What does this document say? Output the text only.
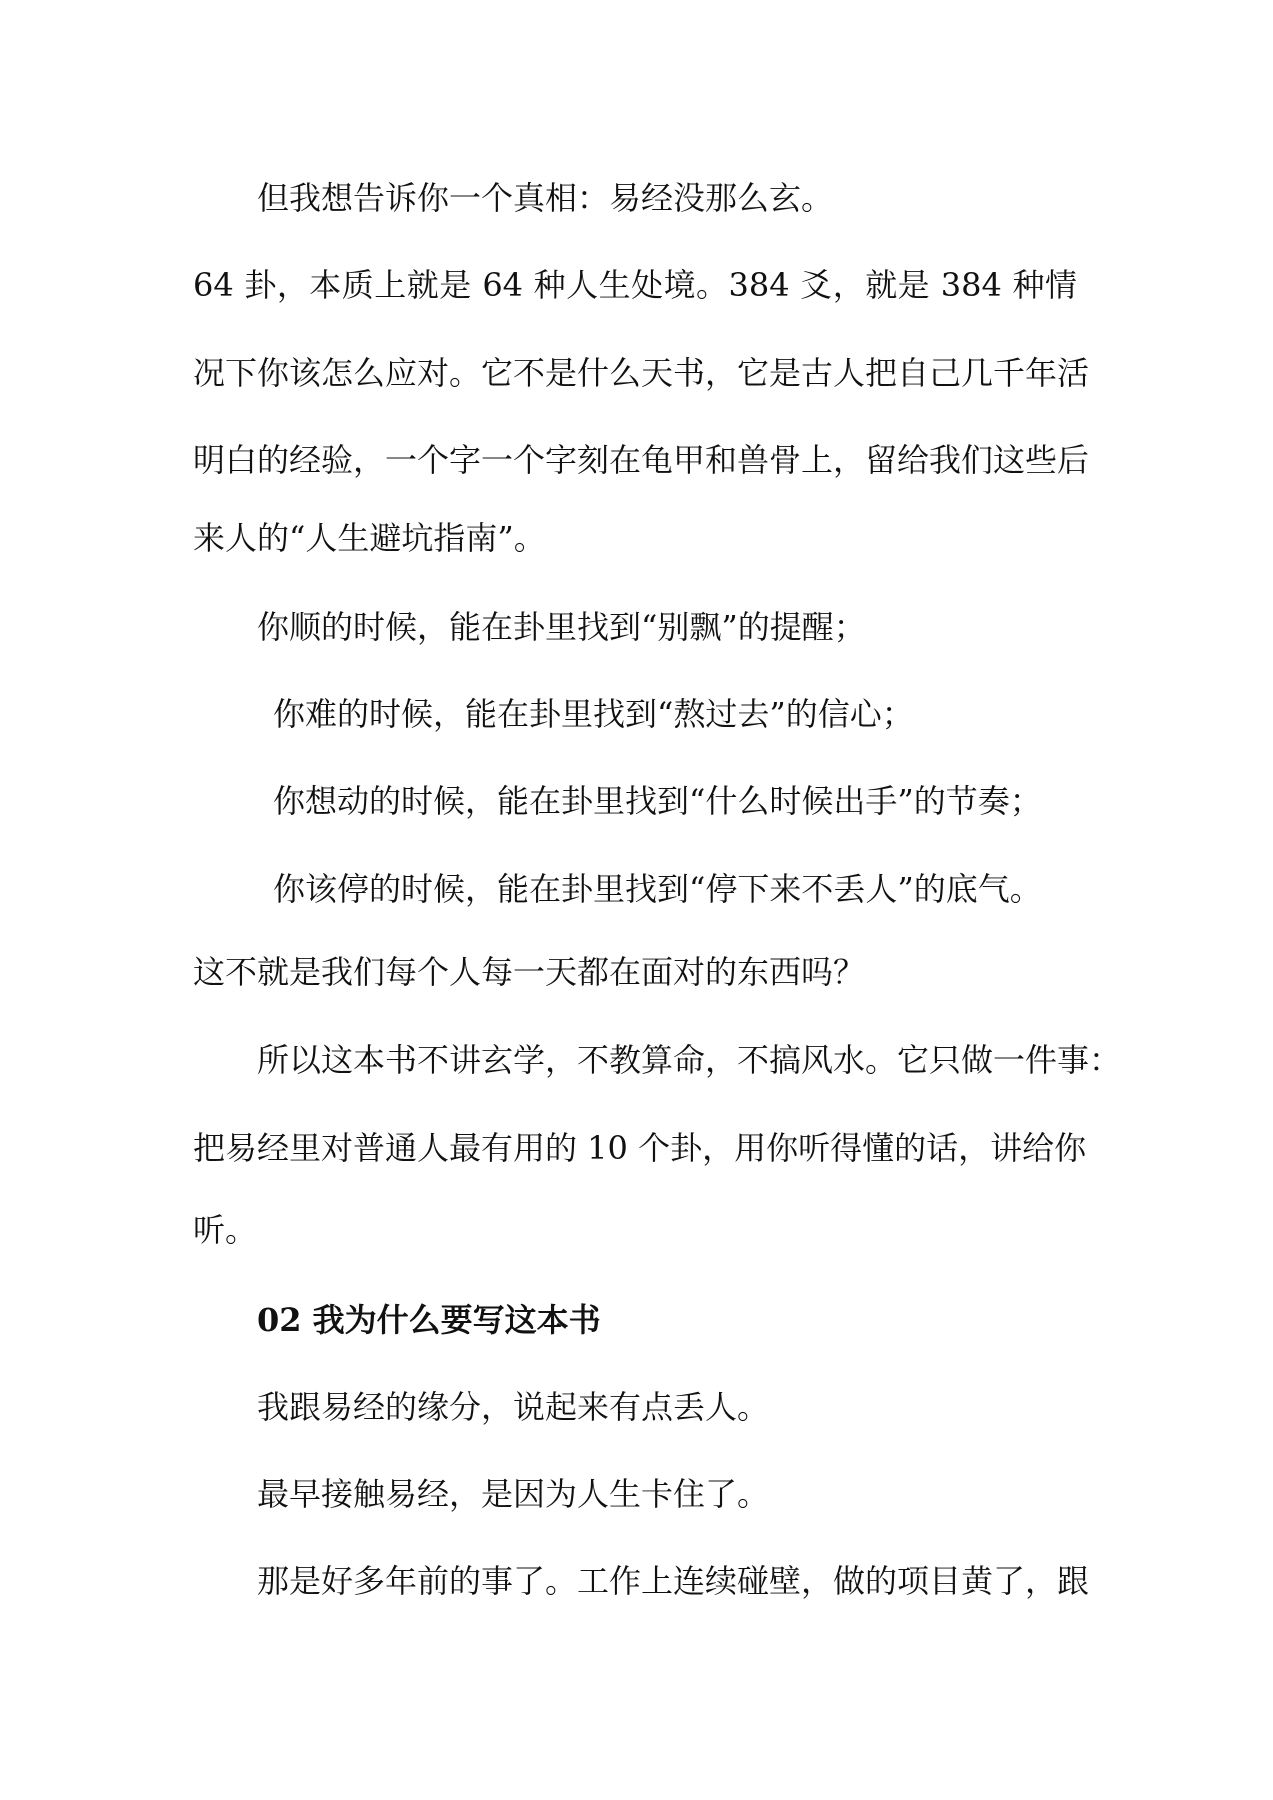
但我想告诉你一个真相：易经没那么玄。

64 卦，本质上就是 64 种人生处境。384 爻，就是 384 种情

况下你该怎么应对。它不是什么天书，它是古人把自己几千年活

明白的经验，一个字一个字刻在龟甲和兽骨上，留给我们这些后

来人的“人生避坑指南”。

你顺的时候，能在卦里找到“别飘”的提醒；

你难的时候，能在卦里找到“熬过去”的信心；

你想动的时候，能在卦里找到“什么时候出手”的节奏；

你该停的时候，能在卦里找到“停下来不丢人”的底气。

这不就是我们每个人每一天都在面对的东西吗？

所以这本书不讲玄学，不教算命，不搞风水。它只做一件事：

把易经里对普通人最有用的 10 个卦，用你听得懂的话，讲给你

听。

02 我为什么要写这本书

我跟易经的缘分，说起来有点丢人。

最早接触易经，是因为人生卡住了。

那是好多年前的事了。工作上连续碰壁，做的项目黄了，跟
